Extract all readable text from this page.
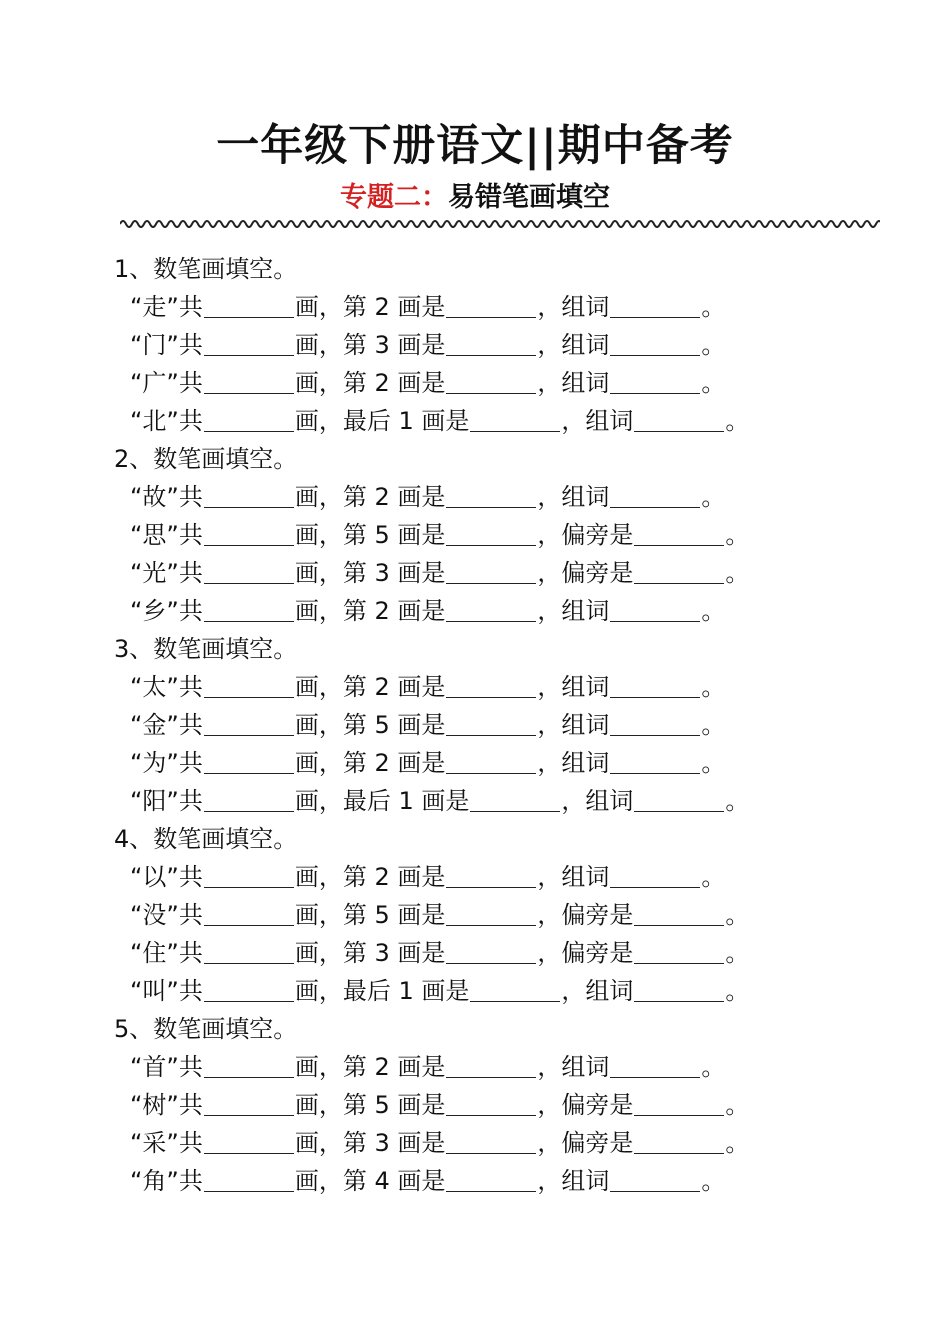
一年级下册语文||期中备考
专题二：易错笔画填空
1、数笔画填空。
“走”共	画，第 2 画是	，组词	。
“门”共	画，第 3 画是	，组词	。
“广”共	画，第 2 画是	，组词	。
“北”共	画，最后 1 画是	，组词	。
2、数笔画填空。
“故”共	画，第 2 画是	，组词	。
“思”共	画，第 5 画是	，偏旁是	。
“光”共	画，第 3 画是	，偏旁是	。
“乡”共	画，第 2 画是	，组词	。
3、数笔画填空。
“太”共	画，第 2 画是	，组词	。
“金”共	画，第 5 画是	，组词	。
“为”共	画，第 2 画是	，组词	。
“阳”共	画，最后 1 画是	，组词	。
4、数笔画填空。
“以”共	画，第 2 画是	，组词	。
“没”共	画，第 5 画是	，偏旁是	。
“住”共	画，第 3 画是	，偏旁是	。
“叫”共	画，最后 1 画是	，组词	。
5、数笔画填空。
“首”共	画，第 2 画是	，组词	。
“树”共	画，第 5 画是	，偏旁是	。
“采”共	画，第 3 画是	，偏旁是	。
“角”共	画，第 4 画是	，组词	。
